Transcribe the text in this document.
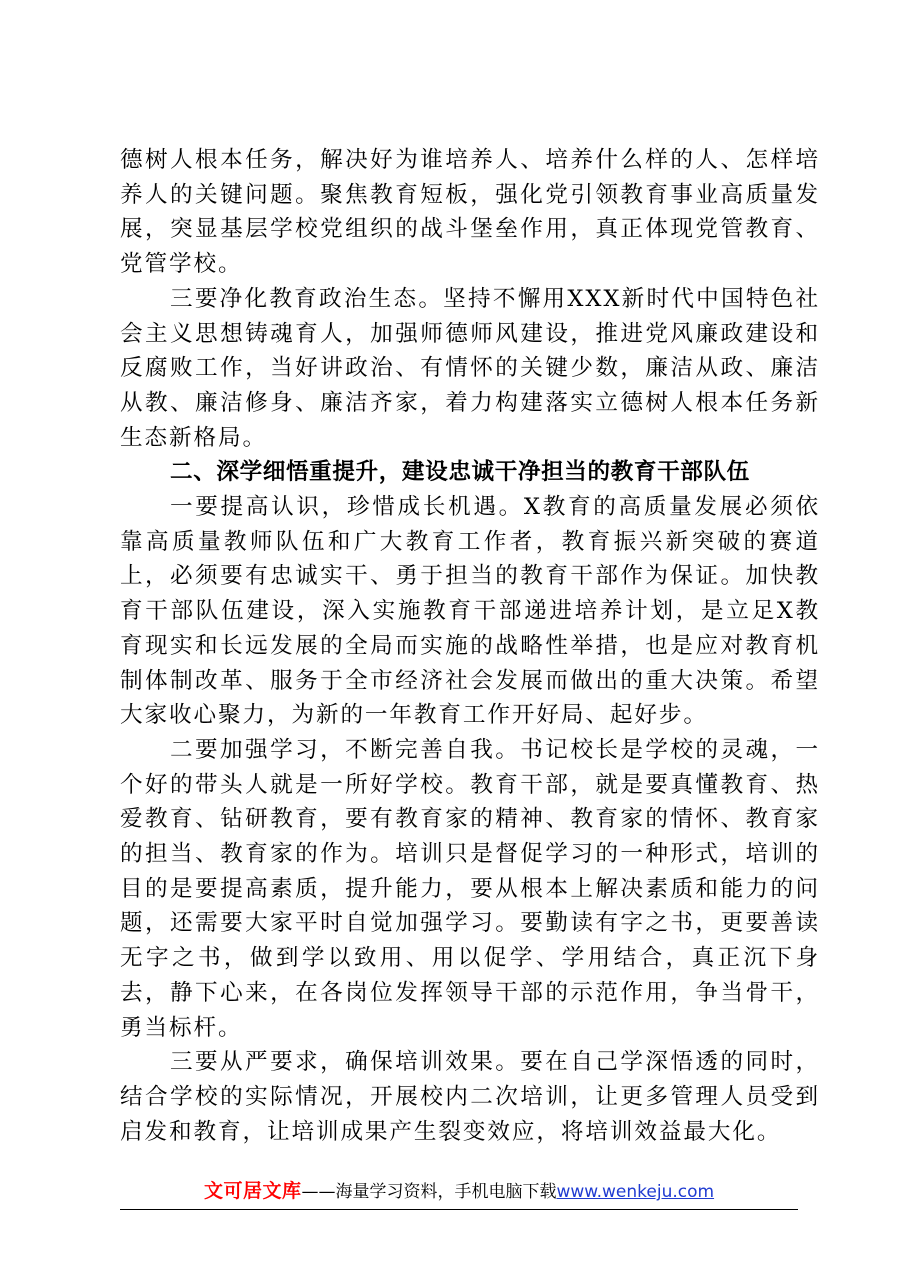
德树人根本任务，解决好为谁培养人、培养什么样的人、怎样培养人的关键问题。聚焦教育短板，强化党引领教育事业高质量发展，突显基层学校党组织的战斗堡垒作用，真正体现党管教育、党管学校。

三要净化教育政治生态。坚持不懈用XXX新时代中国特色社会主义思想铸魂育人，加强师德师风建设，推进党风廉政建设和反腐败工作，当好讲政治、有情怀的关键少数，廉洁从政、廉洁从教、廉洁修身、廉洁齐家，着力构建落实立德树人根本任务新生态新格局。

二、深学细悟重提升，建设忠诚干净担当的教育干部队伍

一要提高认识，珍惜成长机遇。X教育的高质量发展必须依靠高质量教师队伍和广大教育工作者，教育振兴新突破的赛道上，必须要有忠诚实干、勇于担当的教育干部作为保证。加快教育干部队伍建设，深入实施教育干部递进培养计划，是立足X教育现实和长远发展的全局而实施的战略性举措，也是应对教育机制体制改革、服务于全市经济社会发展而做出的重大决策。希望大家收心聚力，为新的一年教育工作开好局、起好步。

二要加强学习，不断完善自我。书记校长是学校的灵魂，一个好的带头人就是一所好学校。教育干部，就是要真懂教育、热爱教育、钻研教育，要有教育家的精神、教育家的情怀、教育家的担当、教育家的作为。培训只是督促学习的一种形式，培训的目的是要提高素质，提升能力，要从根本上解决素质和能力的问题，还需要大家平时自觉加强学习。要勤读有字之书，更要善读无字之书，做到学以致用、用以促学、学用结合，真正沉下身去，静下心来，在各岗位发挥领导干部的示范作用，争当骨干，勇当标杆。

三要从严要求，确保培训效果。要在自己学深悟透的同时，结合学校的实际情况，开展校内二次培训，让更多管理人员受到启发和教育，让培训成果产生裂变效应，将培训效益最大化。

文可居文库——海量学习资料，手机电脑下载www.wenkeju.com
